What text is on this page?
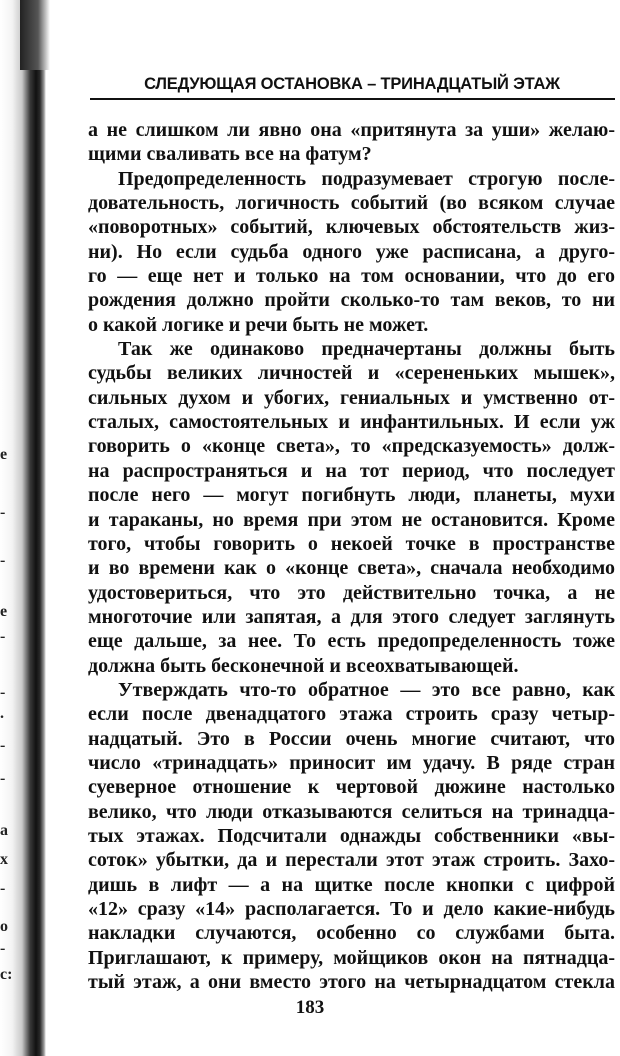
е
-
-
е
-
-
.
-
-
а
х
-
о
-
с:
СЛЕДУЮЩАЯ ОСТАНОВКА – ТРИНАДЦАТЫЙ ЭТАЖ
а не слишком ли явно она «притянута за уши» желаю-
щими сваливать все на фатум?
Предопределенность подразумевает строгую после-
довательность, логичность событий (во всяком случае
«поворотных» событий, ключевых обстоятельств жиз-
ни). Но если судьба одного уже расписана, а друго-
го — еще нет и только на том основании, что до его
рождения должно пройти сколько-то там веков, то ни
о какой логике и речи быть не может.
Так же одинаково предначертаны должны быть
судьбы великих личностей и «серененьких мышек»,
сильных духом и убогих, гениальных и умственно от-
сталых, самостоятельных и инфантильных. И если уж
говорить о «конце света», то «предсказуемость» долж-
на распространяться и на тот период, что последует
после него — могут погибнуть люди, планеты, мухи
и тараканы, но время при этом не остановится. Кроме
того, чтобы говорить о некоей точке в пространстве
и во времени как о «конце света», сначала необходимо
удостовериться, что это действительно точка, а не
многоточие или запятая, а для этого следует заглянуть
еще дальше, за нее. То есть предопределенность тоже
должна быть бесконечной и всеохватывающей.
Утверждать что-то обратное — это все равно, как
если после двенадцатого этажа строить сразу четыр-
надцатый. Это в России очень многие считают, что
число «тринадцать» приносит им удачу. В ряде стран
суеверное отношение к чертовой дюжине настолько
велико, что люди отказываются селиться на тринадца-
тых этажах. Подсчитали однажды собственники «вы-
соток» убытки, да и перестали этот этаж строить. Захо-
дишь в лифт — а на щитке после кнопки с цифрой
«12» сразу «14» располагается. То и дело какие-нибудь
накладки случаются, особенно со службами быта.
Приглашают, к примеру, мойщиков окон на пятнадца-
тый этаж, а они вместо этого на четырнадцатом стекла
183
